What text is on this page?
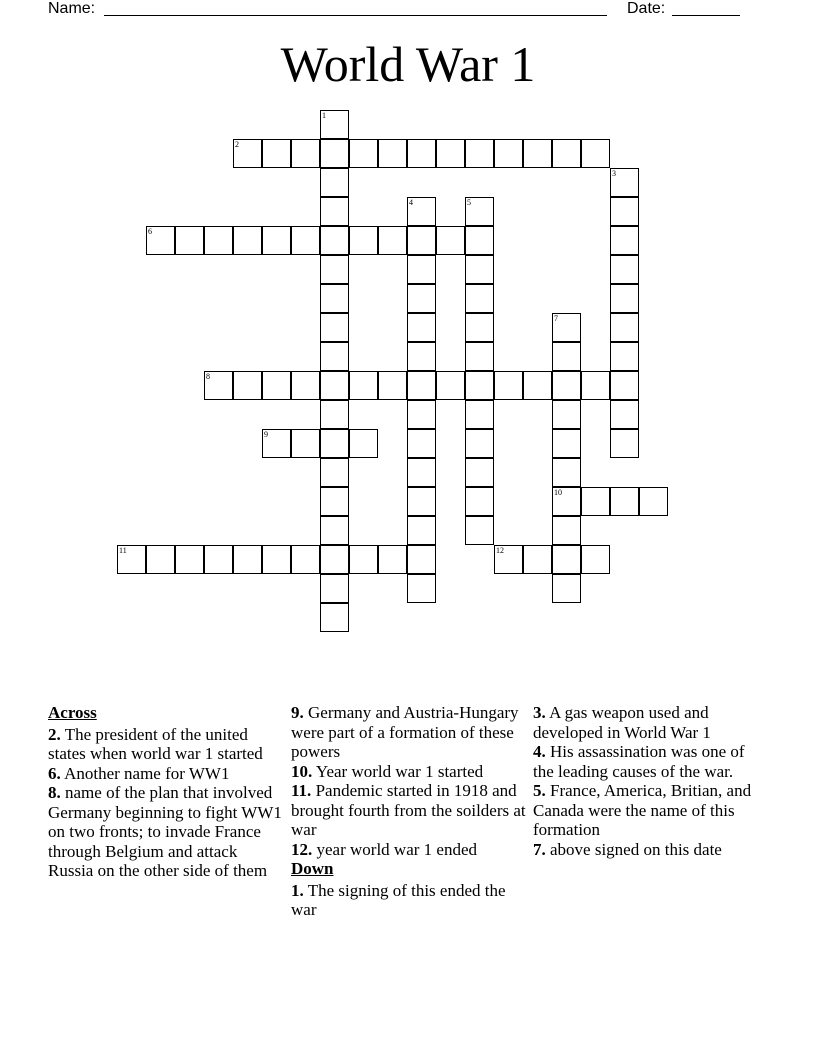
Name:	Date:
World War 1
1
2
3
4	5
6
7
10
8
9
11	12
Across
2. The president of the united states when world war 1 started
6. Another name for WW1
8. name of the plan that involved Germany beginning to fight WW1 on two fronts; to invade France through Belgium and attack Russia on the other side of them
9. Germany and Austria-Hungary were part of a formation of these powers
10. Year world war 1 started
11. Pandemic started in 1918 and brought fourth from the soilders at war
12. year world war 1 ended
Down
1. The signing of this ended the war
3. A gas weapon used and developed in World War 1
4. His assassination was one of the leading causes of the war.
5. France, America, Britian, and Canada were the name of this formation
7. above signed on this date
